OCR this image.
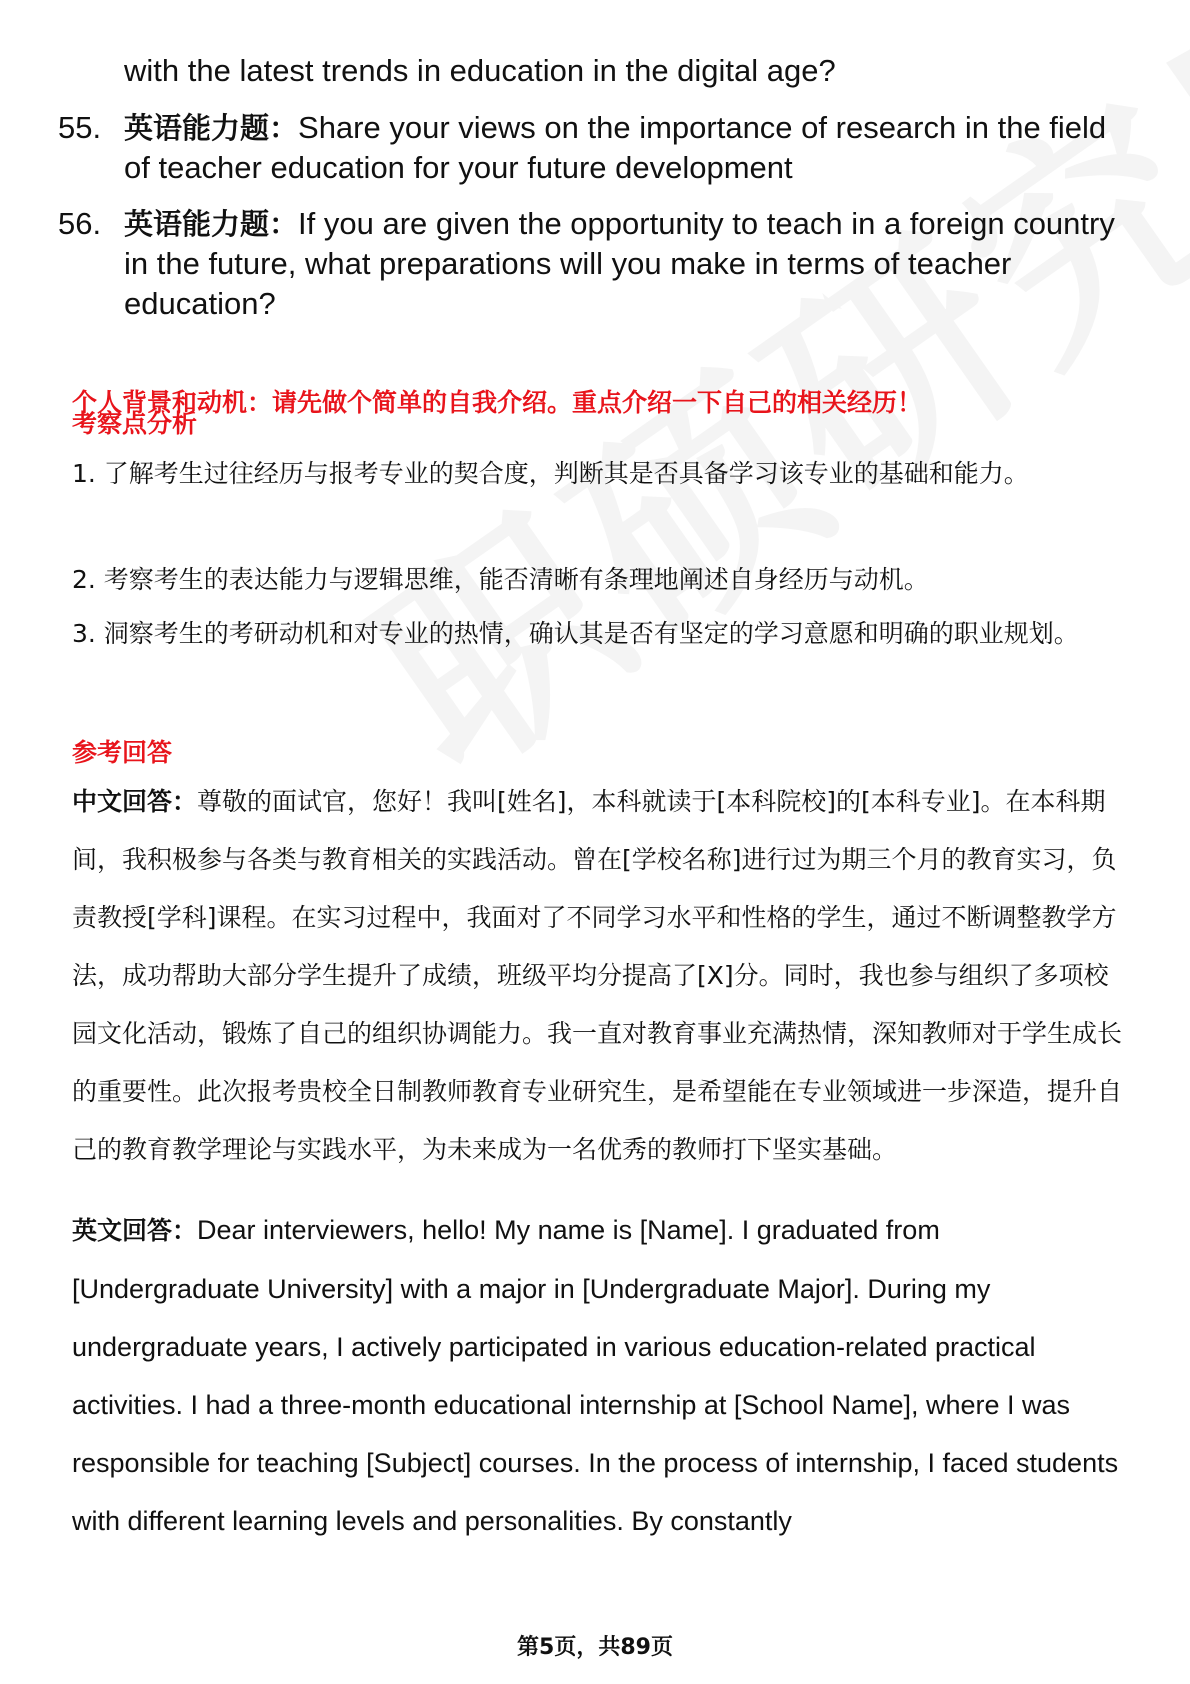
with the latest trends in education in the digital age?
55. 英语能力题：Share your views on the importance of research in the field of teacher education for your future development
56. 英语能力题：If you are given the opportunity to teach in a foreign country in the future, what preparations will you make in terms of teacher education?
个人背景和动机：请先做个简单的自我介绍。重点介绍一下自己的相关经历！
考察点分析
1. 了解考生过往经历与报考专业的契合度，判断其是否具备学习该专业的基础和能力。
2. 考察考生的表达能力与逻辑思维，能否清晰有条理地阐述自身经历与动机。
3. 洞察考生的考研动机和对专业的热情，确认其是否有坚定的学习意愿和明确的职业规划。
参考回答
中文回答：尊敬的面试官，您好！我叫[姓名]，本科就读于[本科院校]的[本科专业]。在本科期间，我积极参与各类与教育相关的实践活动。曾在[学校名称]进行过为期三个月的教育实习，负责教授[学科]课程。在实习过程中，我面对了不同学习水平和性格的学生，通过不断调整教学方法，成功帮助大部分学生提升了成绩，班级平均分提高了[X]分。同时，我也参与组织了多项校园文化活动，锻炼了自己的组织协调能力。我一直对教育事业充满热情，深知教师对于学生成长的重要性。此次报考贵校全日制教师教育专业研究生，是希望能在专业领域进一步深造，提升自己的教育教学理论与实践水平，为未来成为一名优秀的教师打下坚实基础。
英文回答：Dear interviewers, hello! My name is [Name]. I graduated from [Undergraduate University] with a major in [Undergraduate Major]. During my undergraduate years, I actively participated in various education-related practical activities. I had a three-month educational internship at [School Name], where I was responsible for teaching [Subject] courses. In the process of internship, I faced students with different learning levels and personalities. By constantly
第5页，共89页
